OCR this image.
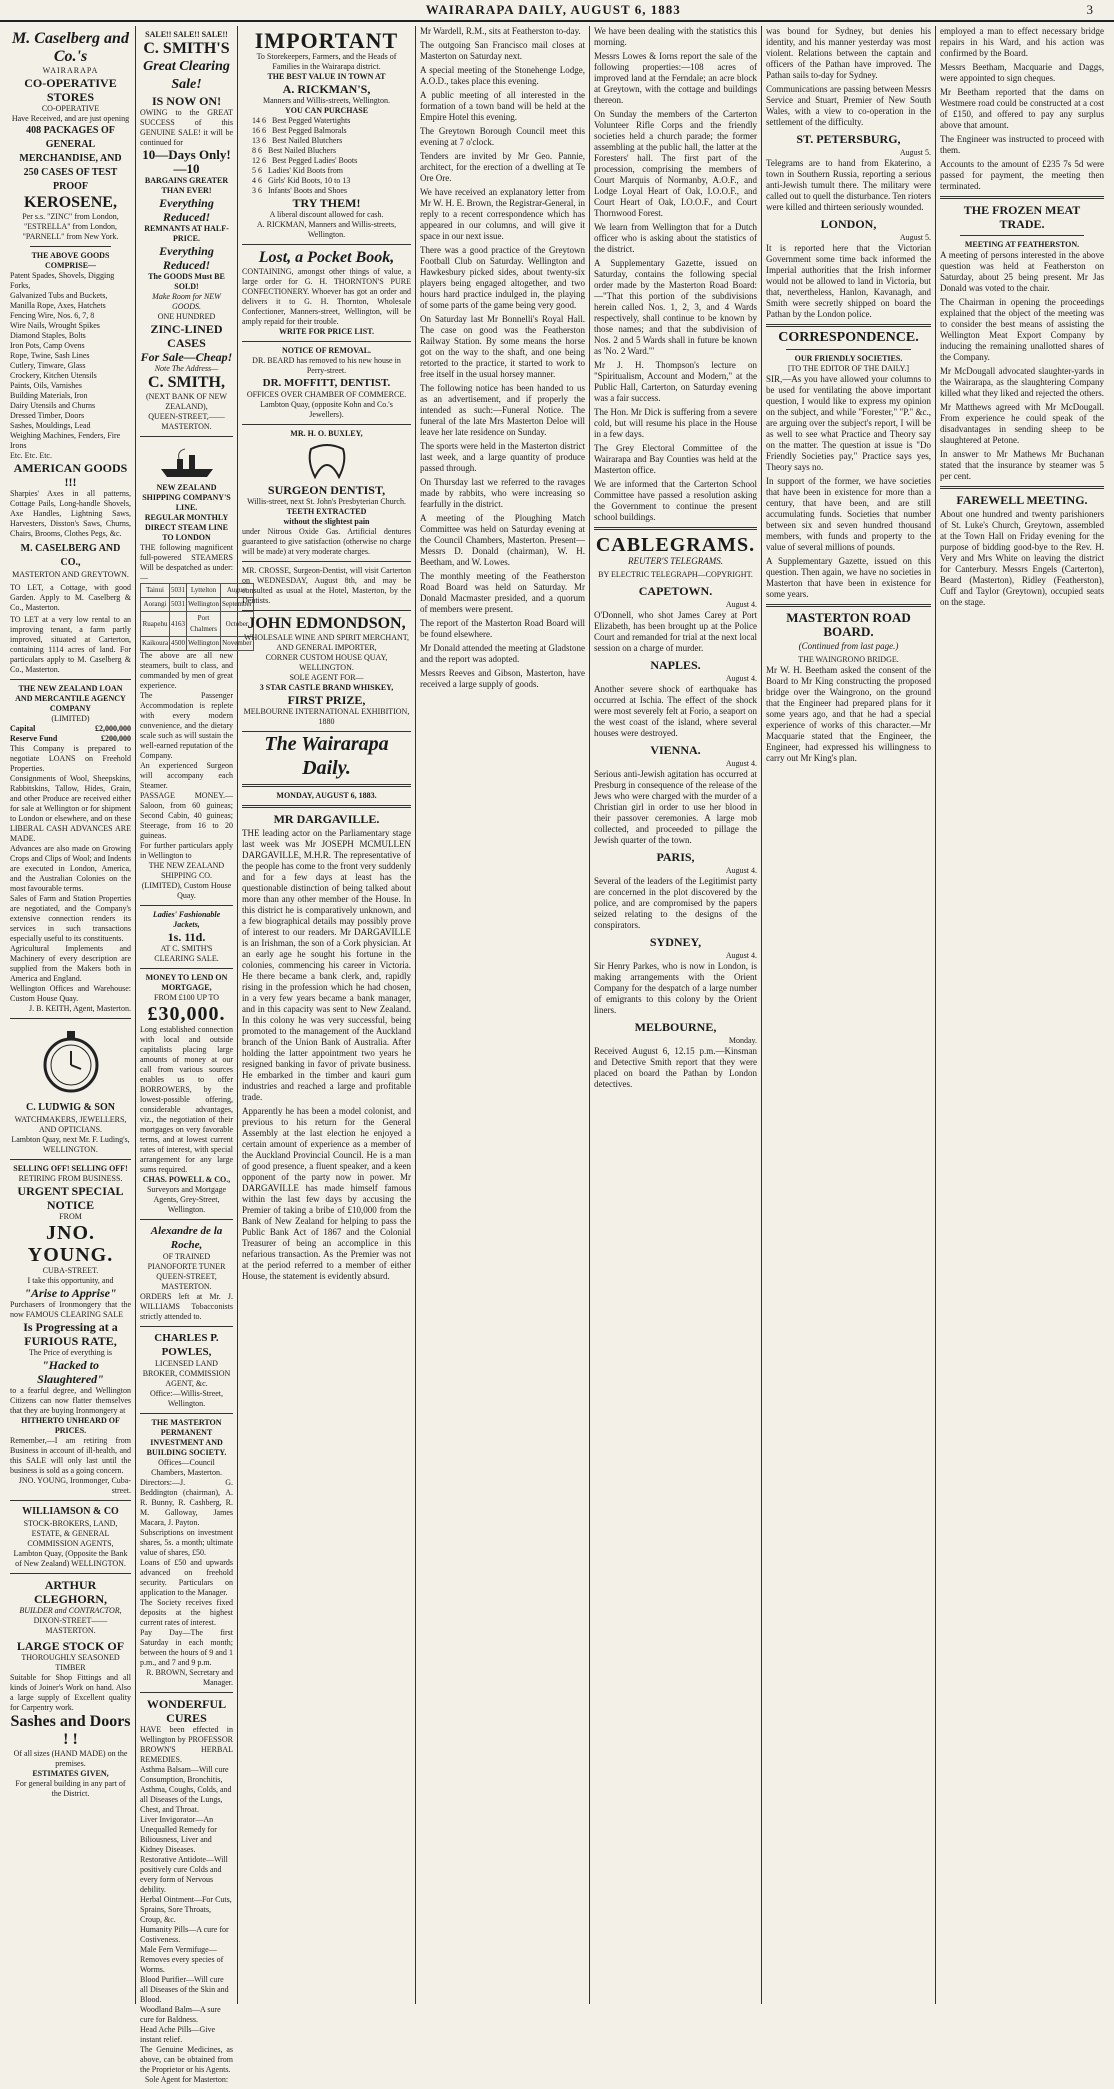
WAIRARAPA DAILY, AUGUST 6, 1883	3
M. Caselberg and Co.'s
WAIRARAPA
CO-OPERATIVE STORES
CO-OPERATIVE
Have Received, and are just opening
408 PACKAGES OF GENERAL MERCHANDISE, AND
250 CASES OF TEST PROOF
KEROSENE,
Per s.s. "ZINC" from London, "ESTRELLA" from London, "PARNELL" from New York.
THE ABOVE GOODS COMPRISE—
Patent Spades, Shovels, Digging Forks,
Galvanized Tubs and Buckets,
Manilla Rope, Axes, Hatchets
Fencing Wire, Nos. 6, 7, 8
Wire Nails, Wrought Spikes
Diamond Staples, Bolts
Iron Pots, Camp Ovens
Rope, Twine, Sash Lines
Cutlery, Tinware, Glass
Crockery, Kitchen Utensils
Paints, Oils, Varnishes
Building Materials, Iron
Dairy Utensils and Churns
Dressed Timber, Doors
Sashes, Mouldings, Lead
Weighing Machines, Fenders, Fire Irons
Etc. Etc. Etc.
AMERICAN GOODS !!!
Sharpies' Axes in all patterns, Cottage Pails, Long-handle Shovels, Axe Handles, Lightning Saws, Harvesters, Disston's Saws, Churns, Chairs, Brooms, Clothes Pegs, &c.
M. CASELBERG AND CO.,
MASTERTON AND GREYTOWN.
TO LET, a Cottage, with good Garden. Apply to M. Caselberg & Co., Masterton.
TO LET at a very low rental to an improving tenant, a farm partly improved, situated at Carterton, containing 1114 acres of land. For particulars apply to M. Caselberg & Co., Masterton.
THE NEW ZEALAND LOAN AND MERCANTILE AGENCY COMPANY
(LIMITED)
Capital	£2,000,000
Reserve Fund	£200,000
This Company is prepared to negotiate LOANS on Freehold Properties.
Consignments of Wool, Sheepskins, Rabbitskins, Tallow, Hides, Grain, and other Produce are received either for sale at Wellington or for shipment to London or elsewhere, and on these LIBERAL CASH ADVANCES ARE MADE.
Advances are also made on Growing Crops and Clips of Wool; and Indents are executed in London, America, and the Australian Colonies on the most favourable terms.
Sales of Farm and Station Properties are negotiated, and the Company's extensive connection renders its services in such transactions especially useful to its constituents.
Agricultural Implements and Machinery of every description are supplied from the Makers both in America and England.
Wellington Offices and Warehouse: Custom House Quay.
J. B. KEITH, Agent, Masterton.
C. LUDWIG & SON
WATCHMAKERS, JEWELLERS, AND OPTICIANS.
Lambton Quay, next Mr. F. Luding's, WELLINGTON.
SELLING OFF! SELLING OFF!
RETIRING FROM BUSINESS.
URGENT SPECIAL NOTICE
FROM
JNO. YOUNG.
CUBA-STREET.
I take this opportunity, and
"Arise to Apprise"
Purchasers of Ironmongery that the now FAMOUS CLEARING SALE
Is Progressing at a FURIOUS RATE,
The Price of everything is
"Hacked to Slaughtered"
to a fearful degree, and Wellington Citizens can now flatter themselves that they are buying Ironmongery at
HITHERTO UNHEARD OF PRICES.
Remember,—I am retiring from Business in account of ill-health, and this SALE will only last until the business is sold as a going concern.
JNO. YOUNG, Ironmonger, Cuba-street.
WILLIAMSON & CO
STOCK-BROKERS, LAND, ESTATE, & GENERAL COMMISSION AGENTS,
Lambton Quay, (Opposite the Bank of New Zealand) WELLINGTON.
ARTHUR CLEGHORN,
BUILDER and CONTRACTOR,
DIXON-STREET——MASTERTON.
LARGE STOCK OF
THOROUGHLY SEASONED TIMBER
Suitable for Shop Fittings and all kinds of Joiner's Work on hand. Also a large supply of Excellent quality for Carpentry work.
Sashes and Doors ! !
Of all sizes (HAND MADE) on the premises.
ESTIMATES GIVEN,
For general building in any part of the District.
SALE!! SALE!! SALE!!
C. SMITH'S
Great Clearing Sale!
IS NOW ON!
OWING to the GREAT SUCCESS of this GENUINE SALE! it will be continued for
10—Days Only!—10
BARGAINS GREATER THAN EVER!
Everything Reduced!
REMNANTS AT HALF-PRICE.
Everything Reduced!
The GOODS Must BE SOLD!
Make Room for NEW GOODS.
ONE HUNDRED
ZINC-LINED CASES
For Sale—Cheap!
Note The Address—
C. SMITH,
(NEXT BANK OF NEW ZEALAND),
QUEEN-STREET,——MASTERTON.
NEW ZEALAND SHIPPING COMPANY'S LINE.
REGULAR MONTHLY DIRECT STEAM LINE TO LONDON
THE following magnificent full-powered STEAMERS Will be despatched as under:—
Tainui	5031	Lyttelton	August
Aorangi	5031	Wellington	September
Ruapehu	4163	Port Chalmers	October
Kaikoura	4500	Wellington	November
The above are all new steamers, built to class, and commanded by men of great experience.
The Passenger Accommodation is replete with every modern convenience, and the dietary scale such as will sustain the well-earned reputation of the Company.
An experienced Surgeon will accompany each Steamer.
PASSAGE MONEY.—Saloon, from 60 guineas; Second Cabin, 40 guineas; Steerage, from 16 to 20 guineas.
For further particulars apply in Wellington to
THE NEW ZEALAND SHIPPING CO. (LIMITED), Custom House Quay.
Ladies' Fashionable Jackets,
1s. 11d.
AT C. SMITH'S CLEARING SALE.
MONEY TO LEND ON MORTGAGE,
FROM £100 UP TO
£30,000.
Long established connection with local and outside capitalists placing large amounts of money at our call from various sources enables us to offer BORROWERS, by the lowest-possible offering, considerable advantages, viz., the negotiation of their mortgages on very favorable terms, and at lowest current rates of interest, with special arrangement for any large sums required.
CHAS. POWELL & CO.,
Surveyors and Mortgage Agents, Grey-Street, Wellington.
Alexandre de la Roche,
OF TRAINED PIANOFORTE TUNER
QUEEN-STREET, MASTERTON.
ORDERS left at Mr. J. WILLIAMS Tobacconists strictly attended to.
CHARLES P. POWLES,
LICENSED LAND BROKER, COMMISSION AGENT, &c.
Office:—Willis-Street, Wellington.
THE MASTERTON PERMANENT INVESTMENT AND BUILDING SOCIETY.
Offices—Council Chambers, Masterton.
Directors:—J. G. Beddington (chairman), A. R. Bunny, R. Cashberg, R. M. Galloway, James Macara, J. Payton.
Subscriptions on investment shares, 5s. a month; ultimate value of shares, £50.
Loans of £50 and upwards advanced on freehold security. Particulars on application to the Manager.
The Society receives fixed deposits at the highest current rates of interest.
Pay Day—The first Saturday in each month; between the hours of 9 and 1 p.m., and 7 and 9 p.m.
R. BROWN, Secretary and Manager.
WONDERFUL CURES
HAVE been effected in Wellington by PROFESSOR BROWN'S HERBAL REMEDIES.
Asthma Balsam—Will cure Consumption, Bronchitis, Asthma, Coughs, Colds, and all Diseases of the Lungs, Chest, and Throat.
Liver Invigorator—An Unequalled Remedy for Biliousness, Liver and Kidney Diseases.
Restorative Antidote—Will positively cure Colds and every form of Nervous debility.
Herbal Ointment—For Cuts, Sprains, Sore Throats, Croup, &c.
Humanity Pills—A cure for Costiveness.
Male Fern Vermifuge—Removes every species of Worms.
Blood Purifier—Will cure all Diseases of the Skin and Blood.
Woodland Balm—A sure cure for Baldness.
Head Ache Pills—Give instant relief.
The Genuine Medicines, as above, can be obtained from the Proprietor or his Agents.
Sole Agent for Masterton:
IMPORTANT
To Storekeepers, Farmers, and the Heads of Families in the Wairarapa district.
THE BEST VALUE IN TOWN AT
A. RICKMAN'S,
Manners and Willis-streets, Wellington.
YOU CAN PURCHASE
14 6 Best Pegged Watertights
16 6 Best Pegged Balmorals
13 6 Best Nailed Blutchers
8 6 Best Nailed Bluchers
12 6 Best Pegged Ladies' Boots
5 6 Ladies' Kid Boots from
4 6 Girls' Kid Boots, 10 to 13
3 6 Infants' Boots and Shoes
TRY THEM!
A liberal discount allowed for cash.
A. RICKMAN, Manners and Willis-streets, Wellington.
Lost, a Pocket Book,
CONTAINING, amongst other things of value, a large order for G. H. THORNTON'S PURE CONFECTIONERY. Whoever has got an order and delivers it to G. H. Thornton, Wholesale Confectioner, Manners-street, Wellington, will be amply repaid for their trouble.
WRITE FOR PRICE LIST.
NOTICE OF REMOVAL.
DR. BEARD has removed to his new house in Perry-street.
DR. MOFFITT, DENTIST.
OFFICES OVER CHAMBER OF COMMERCE.
Lambton Quay, (opposite Kohn and Co.'s Jewellers).
MR. H. O. BUXLEY,
SURGEON DENTIST,
Willis-street, next St. John's Presbyterian Church.
TEETH EXTRACTED
without the slightest pain
under Nitrous Oxide Gas. Artificial dentures guaranteed to give satisfaction (otherwise no charge will be made) at very moderate charges.
MR. CROSSE, Surgeon-Dentist, will visit Carterton on WEDNESDAY, August 8th, and may be consulted as usual at the Hotel, Masterton, by the Dentists.
JOHN EDMONDSON,
WHOLESALE WINE AND SPIRIT MERCHANT, AND GENERAL IMPORTER,
CORNER CUSTOM HOUSE QUAY, WELLINGTON.
SOLE AGENT FOR—
3 STAR CASTLE BRAND WHISKEY,
FIRST PRIZE,
MELBOURNE INTERNATIONAL EXHIBITION, 1880
The Wairarapa Daily.
MONDAY, AUGUST 6, 1883.
MR DARGAVILLE.

THE leading actor on the Parliamentary stage last week was Mr JOSEPH MCMULLEN DARGAVILLE, M.H.R. The representative of the people has come to the front very suddenly and for a few days at least has the questionable distinction of being talked about more than any other member of the House. In this district he is comparatively unknown, and a few biographical details may possibly prove of interest to our readers. Mr DARGAVILLE is an Irishman, the son of a Cork physician. At an early age he sought his fortune in the colonies, commencing his career in Victoria. He there became a bank clerk, and, rapidly rising in the profession which he had chosen, in a very few years became a bank manager, and in this capacity was sent to New Zealand. In this colony he was very successful, being promoted to the management of the Auckland branch of the Union Bank of Australia. After holding the latter appointment two years he resigned banking in favor of private business. He embarked in the timber and kauri gum industries and reached a large and profitable trade.

Apparently he has been a model colonist, and previous to his return for the General Assembly at the last election he enjoyed a certain amount of experience as a member of the Auckland Provincial Council. He is a man of good presence, a fluent speaker, and a keen opponent of the party now in power. Mr DARGAVILLE has made himself famous within the last few days by accusing the Premier of taking a bribe of £10,000 from the Bank of New Zealand for helping to pass the Public Bank Act of 1867 and the Colonial Treasurer of being an accomplice in this nefarious transaction. As the Premier was not at the period referred to a member of either House, the statement is evidently absurd.

Mr Wardell, R.M., sits at Featherston to-day.

The outgoing San Francisco mail closes at Masterton on Saturday next.

A special meeting of the Stonehenge Lodge, A.O.D., takes place this evening.

A public meeting of all interested in the formation of a town band will be held at the Empire Hotel this evening.

The Greytown Borough Council meet this evening at 7 o'clock.

Tenders are invited by Mr Geo. Pannie, architect, for the erection of a dwelling at Te Ore Ore.

We have received an explanatory letter from Mr W. H. E. Brown, the Registrar-General, in reply to a recent correspondence which has appeared in our columns, and will give it space in our next issue.

There was a good practice of the Greytown Football Club on Saturday. Wellington and Hawkesbury picked sides, about twenty-six players being engaged altogether, and two hours hard practice indulged in, the playing of some parts of the game being very good.

On Saturday last Mr Bonnelli's Royal Hall. The case on good was the Featherston Railway Station. By some means the horse got on the way to the shaft, and one being retorted to the practice, it started to work to free itself in the usual horsey manner.

The following notice has been handed to us as an advertisement, and if properly the intended as such:—Funeral Notice. The funeral of the late Mrs Masterton Deloe will leave her late residence on Sunday.

The sports were held in the Masterton district last week, and a large quantity of produce passed through.

On Thursday last we referred to the ravages made by rabbits, who were increasing so fearfully in the district.

A meeting of the Ploughing Match Committee was held on Saturday evening at the Council Chambers, Masterton. Present—Messrs D. Donald (chairman), W. H. Beetham, and W. Lowes.

The monthly meeting of the Featherston Road Board was held on Saturday. Mr Donald Macmaster presided, and a quorum of members were present.

The report of the Masterton Road Board will be found elsewhere.

Mr Donald attended the meeting at Gladstone and the report was adopted.

Messrs Reeves and Gibson, Masterton, have received a large supply of goods.

We have been dealing with the statistics this morning.

Messrs Lowes & Iorns report the sale of the following properties:—108 acres of improved land at the Ferndale; an acre block at Greytown, with the cottage and buildings thereon.

On Sunday the members of the Carterton Volunteer Rifle Corps and the friendly societies held a church parade; the former assembling at the public hall, the latter at the Foresters' hall. The first part of the procession, comprising the members of Court Marquis of Normanby, A.O.F., and Lodge Loyal Heart of Oak, I.O.O.F., and Court Heart of Oak, I.O.O.F., and Court Thornwood Forest.

We learn from Wellington that for a Dutch officer who is asking about the statistics of the district.

A Supplementary Gazette, issued on Saturday, contains the following special order made by the Masterton Road Board:—"That this portion of the subdivisions herein called Nos. 1, 2, 3, and 4 Wards respectively, shall continue to be known by those names; and that the subdivision of Nos. 2 and 5 Wards shall in future be known as 'No. 2 Ward.'"

Mr J. H. Thompson's lecture on "Spiritualism, Account and Modern," at the Public Hall, Carterton, on Saturday evening was a fair success.

The Hon. Mr Dick is suffering from a severe cold, but will resume his place in the House in a few days.

The Grey Electoral Committee of the Wairarapa and Bay Counties was held at the Masterton office.

We are informed that the Carterton School Committee have passed a resolution asking the Government to continue the present school buildings.

CABLEGRAMS.
REUTER'S TELEGRAMS.
BY ELECTRIC TELEGRAPH—COPYRIGHT.
CAPETOWN.
August 4.

O'Donnell, who shot James Carey at Port Elizabeth, has been brought up at the Police Court and remanded for trial at the next local session on a charge of murder.

NAPLES.
August 4.

Another severe shock of earthquake has occurred at Ischia. The effect of the shock were most severely felt at Forio, a seaport on the west coast of the island, where several houses were destroyed.

VIENNA.
August 4.

Serious anti-Jewish agitation has occurred at Presburg in consequence of the release of the Jews who were charged with the murder of a Christian girl in order to use her blood in their passover ceremonies. A large mob collected, and proceeded to pillage the Jewish quarter of the town.

PARIS,
August 4.

Several of the leaders of the Legitimist party are concerned in the plot discovered by the police, and are compromised by the papers seized relating to the designs of the conspirators.

SYDNEY,
August 4.

Sir Henry Parkes, who is now in London, is making arrangements with the Orient Company for the despatch of a large number of emigrants to this colony by the Orient liners.

MELBOURNE,
Monday.

Received August 6, 12.15 p.m.—Kinsman and Detective Smith report that they were placed on board the Pathan by London detectives.

was bound for Sydney, but denies his identity, and his manner yesterday was most violent. Relations between the captain and officers of the Pathan have improved. The Pathan sails to-day for Sydney.

Communications are passing between Messrs Service and Stuart, Premier of New South Wales, with a view to co-operation in the settlement of the difficulty.

ST. PETERSBURG,
August 5.

Telegrams are to hand from Ekaterino, a town in Southern Russia, reporting a serious anti-Jewish tumult there. The military were called out to quell the disturbance. Ten rioters were killed and thirteen seriously wounded.

LONDON,
August 5.

It is reported here that the Victorian Government some time back informed the Imperial authorities that the Irish informer would not be allowed to land in Victoria, but that, nevertheless, Hanlon, Kavanagh, and Smith were secretly shipped on board the Pathan by the London police.

CORRESPONDENCE.
OUR FRIENDLY SOCIETIES.
[TO THE EDITOR OF THE DAILY.]

SIR,—As you have allowed your columns to be used for ventilating the above important question, I would like to express my opinion on the subject, and while "Forester," "P." &c., are arguing over the subject's report, I will be as well to see what Practice and Theory say on the matter. The question at issue is "Do Friendly Societies pay," Practice says yes, Theory says no.

In support of the former, we have societies that have been in existence for more than a century, that have been, and are still accumulating funds. Societies that number between six and seven hundred thousand members, with funds and property to the value of several millions of pounds.

A Supplementary Gazette, issued on this question. Then again, we have no societies in Masterton that have been in existence for some years.

MASTERTON ROAD BOARD.
(Continued from last page.)
THE WAINGRONO BRIDGE.

Mr W. H. Beetham asked the consent of the Board to Mr King constructing the proposed bridge over the Waingrono, on the ground that the Engineer had prepared plans for it some years ago, and that he had a special experience of works of this character.—Mr Macquarie stated that the Engineer, the Engineer, had expressed his willingness to carry out Mr King's plan.

employed a man to effect necessary bridge repairs in his Ward, and his action was confirmed by the Board.

Messrs Beetham, Macquarie and Daggs, were appointed to sign cheques.

Mr Beetham reported that the dams on Westmere road could be constructed at a cost of £150, and offered to pay any surplus above that amount.

The Engineer was instructed to proceed with them.

Accounts to the amount of £235 7s 5d were passed for payment, the meeting then terminated.

THE FROZEN MEAT TRADE.
MEETING AT FEATHERSTON.

A meeting of persons interested in the above question was held at Featherston on Saturday, about 25 being present. Mr Jas Donald was voted to the chair.

The Chairman in opening the proceedings explained that the object of the meeting was to consider the best means of assisting the Wellington Meat Export Company by inducing the remaining unallotted shares of the Company.

Mr McDougall advocated slaughter-yards in the Wairarapa, as the slaughtering Company killed what they liked and rejected the others.

Mr Matthews agreed with Mr McDougall. From experience he could speak of the disadvantages in sending sheep to be slaughtered at Petone.

In answer to Mr Mathews Mr Buchanan stated that the insurance by steamer was 5 per cent.

FAREWELL MEETING.

About one hundred and twenty parishioners of St. Luke's Church, Greytown, assembled at the Town Hall on Friday evening for the purpose of bidding good-bye to the Rev. H. Very and Mrs White on leaving the district for Canterbury. Messrs Engels (Carterton), Beard (Masterton), Ridley (Featherston), Cuff and Taylor (Greytown), occupied seats on the stage.
